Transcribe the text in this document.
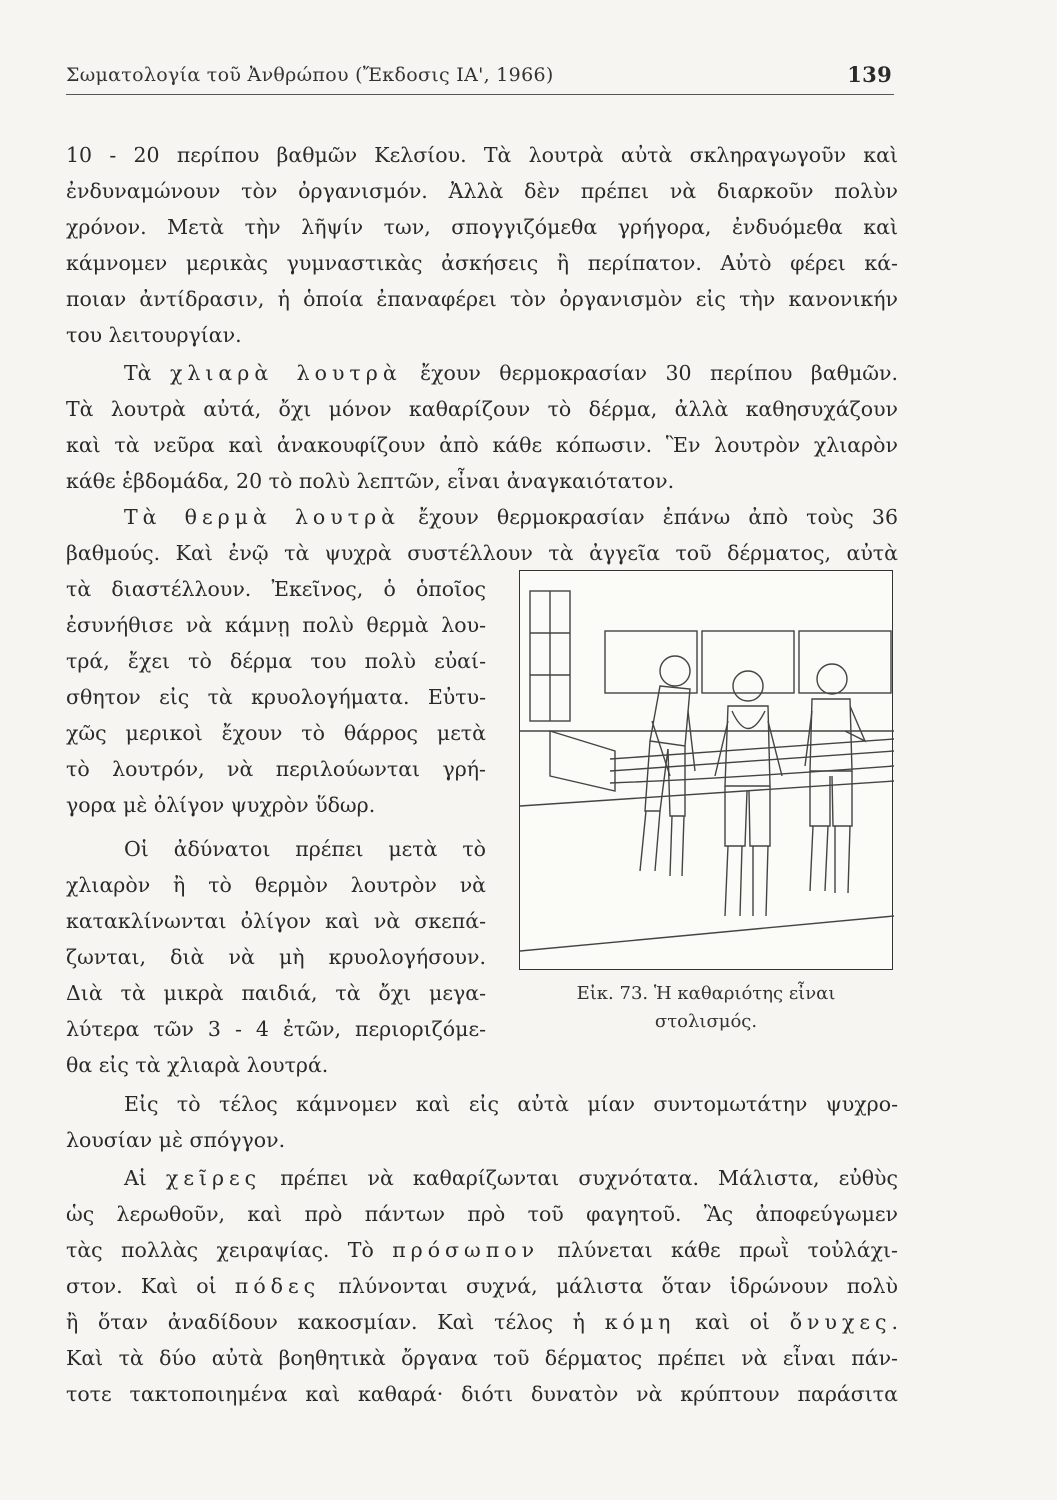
Σωματολογία τοῦ Ἀνθρώπου (Ἔκδοσις ΙΑ', 1966)	139
10 - 20 περίπου βαθμῶν Κελσίου. Τὰ λουτρὰ αὐτὰ σκληραγωγοῦν καὶ
ἐνδυναμώνουν τὸν ὀργανισμόν. Ἀλλὰ δὲν πρέπει νὰ διαρκοῦν πολὺν
χρόνον. Μετὰ τὴν λῆψίν των, σπογγιζόμεθα γρήγορα, ἐνδυόμεθα καὶ
κάμνομεν μερικὰς γυμναστικὰς ἀσκήσεις ἢ περίπατον. Αὐτὸ φέρει κά-
ποιαν ἀντίδρασιν, ἡ ὁποία ἐπαναφέρει τὸν ὀργανισμὸν εἰς τὴν κανονικήν
του λειτουργίαν.
Τὰ χλιαρὰ λουτρὰ ἔχουν θερμοκρασίαν 30 περίπου βαθμῶν.
Τὰ λουτρὰ αὐτά, ὄχι μόνον καθαρίζουν τὸ δέρμα, ἀλλὰ καθησυχάζουν
καὶ τὰ νεῦρα καὶ ἀνακουφίζουν ἀπὸ κάθε κόπωσιν. Ἓν λουτρὸν χλιαρὸν
κάθε ἑβδομάδα, 20 τὸ πολὺ λεπτῶν, εἶναι ἀναγκαιότατον.
Τὰ θερμὰ λουτρὰ ἔχουν θερμοκρασίαν ἐπάνω ἀπὸ τοὺς 36
βαθμούς. Καὶ ἐνῷ τὰ ψυχρὰ συστέλλουν τὰ ἀγγεῖα τοῦ δέρματος, αὐτὰ
τὰ διαστέλλουν. Ἐκεῖνος, ὁ ὁποῖος
ἐσυνήθισε νὰ κάμνῃ πολὺ θερμὰ λου-
τρά, ἔχει τὸ δέρμα του πολὺ εὐαί-
σθητον εἰς τὰ κρυολογήματα. Εὐτυ-
χῶς μερικοὶ ἔχουν τὸ θάρρος μετὰ
τὸ λουτρόν, νὰ περιλούωνται γρή-
γορα μὲ ὀλίγον ψυχρὸν ὕδωρ.
Οἱ ἀδύνατοι πρέπει μετὰ τὸ
χλιαρὸν ἢ τὸ θερμὸν λουτρὸν νὰ
κατακλίνωνται ὀλίγον καὶ νὰ σκεπά-
ζωνται, διὰ νὰ μὴ κρυολογήσουν.
Διὰ τὰ μικρὰ παιδιά, τὰ ὄχι μεγα-
λύτερα τῶν 3 - 4 ἐτῶν, περιοριζόμε-
θα εἰς τὰ χλιαρὰ λουτρά.
Εἰκ. 73. Ἡ καθαριότης εἶναι
στολισμός.
Εἰς τὸ τέλος κάμνομεν καὶ εἰς αὐτὰ μίαν συντομωτάτην ψυχρο-
λουσίαν μὲ σπόγγον.
Αἱ χεῖρες πρέπει νὰ καθαρίζωνται συχνότατα. Μάλιστα, εὐθὺς
ὡς λερωθοῦν, καὶ πρὸ πάντων πρὸ τοῦ φαγητοῦ. Ἂς ἀποφεύγωμεν
τὰς πολλὰς χειραψίας. Τὸ πρόσωπον πλύνεται κάθε πρωῒ τοὐλάχι-
στον. Καὶ οἱ πόδες πλύνονται συχνά, μάλιστα ὅταν ἱδρώνουν πολὺ
ἢ ὅταν ἀναδίδουν κακοσμίαν. Καὶ τέλος ἡ κόμη καὶ οἱ ὄνυχες.
Καὶ τὰ δύο αὐτὰ βοηθητικὰ ὄργανα τοῦ δέρματος πρέπει νὰ εἶναι πάν-
τοτε τακτοποιημένα καὶ καθαρά· διότι δυνατὸν νὰ κρύπτουν παράσιτα
